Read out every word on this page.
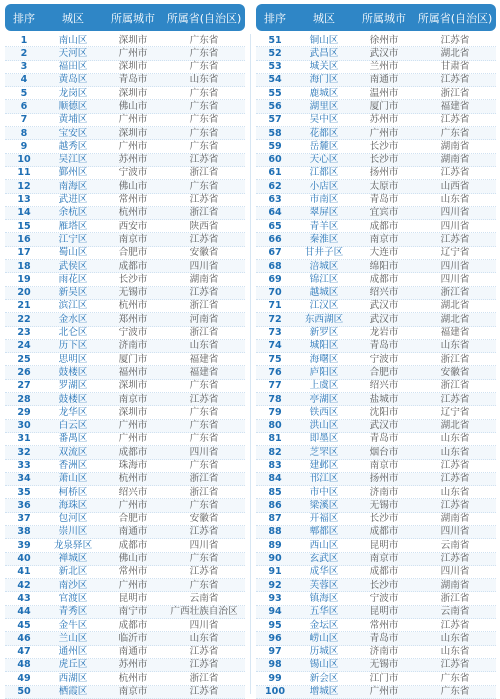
排序	城区	所属城市	所属省(自治区)
1	南山区	深圳市	广东省
2	天河区	广州市	广东省
3	福田区	深圳市	广东省
4	黄岛区	青岛市	山东省
5	龙岗区	深圳市	广东省
6	顺德区	佛山市	广东省
7	黄埔区	广州市	广东省
8	宝安区	深圳市	广东省
9	越秀区	广州市	广东省
10	吴江区	苏州市	江苏省
11	鄞州区	宁波市	浙江省
12	南海区	佛山市	广东省
13	武进区	常州市	江苏省
14	余杭区	杭州市	浙江省
15	雁塔区	西安市	陕西省
16	江宁区	南京市	江苏省
17	蜀山区	合肥市	安徽省
18	武侯区	成都市	四川省
19	雨花区	长沙市	湖南省
20	新吴区	无锡市	江苏省
21	滨江区	杭州市	浙江省
22	金水区	郑州市	河南省
23	北仑区	宁波市	浙江省
24	历下区	济南市	山东省
25	思明区	厦门市	福建省
26	鼓楼区	福州市	福建省
27	罗湖区	深圳市	广东省
28	鼓楼区	南京市	江苏省
29	龙华区	深圳市	广东省
30	白云区	广州市	广东省
31	番禺区	广州市	广东省
32	双流区	成都市	四川省
33	香洲区	珠海市	广东省
34	萧山区	杭州市	浙江省
35	柯桥区	绍兴市	浙江省
36	海珠区	广州市	广东省
37	包河区	合肥市	安徽省
38	崇川区	南通市	江苏省
39	龙泉驿区	成都市	四川省
40	禅城区	佛山市	广东省
41	新北区	常州市	江苏省
42	南沙区	广州市	广东省
43	官渡区	昆明市	云南省
44	青秀区	南宁市	广西壮族自治区
45	金牛区	成都市	四川省
46	兰山区	临沂市	山东省
47	通州区	南通市	江苏省
48	虎丘区	苏州市	江苏省
49	西湖区	杭州市	浙江省
50	栖霞区	南京市	江苏省
排序	城区	所属城市	所属省(自治区)
51	铜山区	徐州市	江苏省
52	武昌区	武汉市	湖北省
53	城关区	兰州市	甘肃省
54	海门区	南通市	江苏省
55	鹿城区	温州市	浙江省
56	湖里区	厦门市	福建省
57	吴中区	苏州市	江苏省
58	花都区	广州市	广东省
59	岳麓区	长沙市	湖南省
60	天心区	长沙市	湖南省
61	江都区	扬州市	江苏省
62	小店区	太原市	山西省
63	市南区	青岛市	山东省
64	翠屏区	宜宾市	四川省
65	青羊区	成都市	四川省
66	秦淮区	南京市	江苏省
67	甘井子区	大连市	辽宁省
68	涪城区	绵阳市	四川省
69	锦江区	成都市	四川省
70	越城区	绍兴市	浙江省
71	江汉区	武汉市	湖北省
72	东西湖区	武汉市	湖北省
73	新罗区	龙岩市	福建省
74	城阳区	青岛市	山东省
75	海曙区	宁波市	浙江省
76	庐阳区	合肥市	安徽省
77	上虞区	绍兴市	浙江省
78	亭湖区	盐城市	江苏省
79	铁西区	沈阳市	辽宁省
80	洪山区	武汉市	湖北省
81	即墨区	青岛市	山东省
82	芝罘区	烟台市	山东省
83	建邺区	南京市	江苏省
84	邗江区	扬州市	江苏省
85	市中区	济南市	山东省
86	梁溪区	无锡市	江苏省
87	开福区	长沙市	湖南省
88	郫都区	成都市	四川省
89	西山区	昆明市	云南省
90	玄武区	南京市	江苏省
91	成华区	成都市	四川省
92	芙蓉区	长沙市	湖南省
93	镇海区	宁波市	浙江省
94	五华区	昆明市	云南省
95	金坛区	常州市	江苏省
96	崂山区	青岛市	山东省
97	历城区	济南市	山东省
98	锡山区	无锡市	江苏省
99	新会区	江门市	广东省
100	增城区	广州市	广东省
